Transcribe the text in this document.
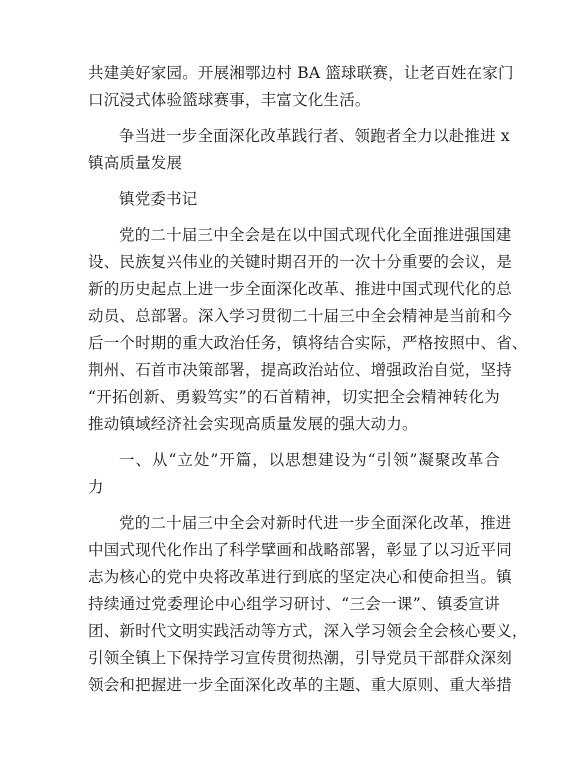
共建美好家园。开展湘鄂边村 BA 篮球联赛，让老百姓在家门
口沉浸式体验篮球赛事，丰富文化生活。
争当进一步全面深化改革践行者、领跑者全力以赴推进 x
镇高质量发展
镇党委书记
党的二十届三中全会是在以中国式现代化全面推进强国建
设、民族复兴伟业的关键时期召开的一次十分重要的会议，是
新的历史起点上进一步全面深化改革、推进中国式现代化的总
动员、总部署。深入学习贯彻二十届三中全会精神是当前和今
后一个时期的重大政治任务，镇将结合实际，严格按照中、省、
荆州、石首市决策部署，提高政治站位、增强政治自觉，坚持
“开拓创新、勇毅笃实”的石首精神，切实把全会精神转化为
推动镇域经济社会实现高质量发展的强大动力。
一、从“立处”开篇，以思想建设为“引领”凝聚改革合
力
党的二十届三中全会对新时代进一步全面深化改革，推进
中国式现代化作出了科学擘画和战略部署，彰显了以习近平同
志为核心的党中央将改革进行到底的坚定决心和使命担当。镇
持续通过党委理论中心组学习研讨、“三会一课”、镇委宣讲
团、新时代文明实践活动等方式，深入学习领会全会核心要义，
引领全镇上下保持学习宣传贯彻热潮，引导党员干部群众深刻
领会和把握进一步全面深化改革的主题、重大原则、重大举措
